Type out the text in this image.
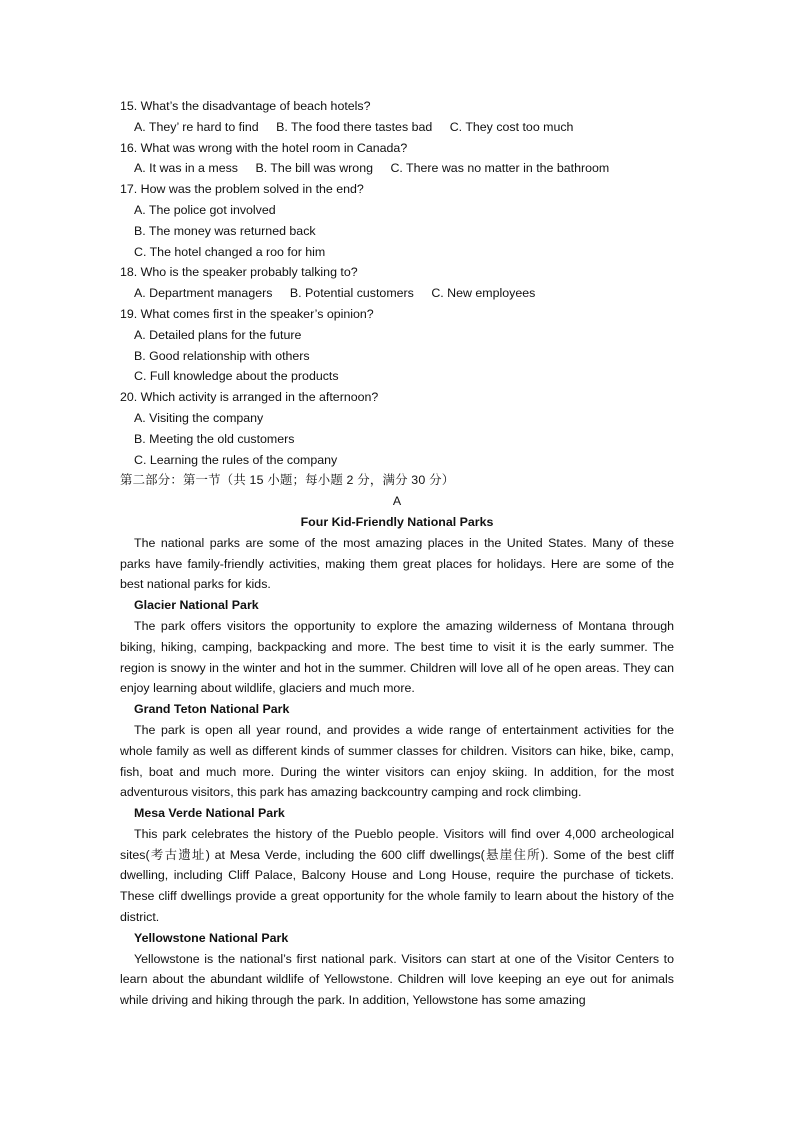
15. What’s the disadvantage of beach hotels?
A. They’ re hard to find B. The food there tastes bad C. They cost too much
16. What was wrong with the hotel room in Canada?
A. It was in a mess B. The bill was wrong C. There was no matter in the bathroom
17. How was the problem solved in the end?
A. The police got involved
B. The money was returned back
C. The hotel changed a roo for him
18. Who is the speaker probably talking to?
A. Department managers B. Potential customers C. New employees
19. What comes first in the speaker’s opinion?
A. Detailed plans for the future
B. Good relationship with others
C. Full knowledge about the products
20. Which activity is arranged in the afternoon?
A. Visiting the company
B. Meeting the old customers
C. Learning the rules of the company
第二部分：第一节（共 15 小题；每小题 2 分，满分 30 分）
A
Four Kid-Friendly National Parks
The national parks are some of the most amazing places in the United States. Many of these parks have family-friendly activities, making them great places for holidays. Here are some of the best national parks for kids.
Glacier National Park
The park offers visitors the opportunity to explore the amazing wilderness of Montana through biking, hiking, camping, backpacking and more. The best time to visit it is the early summer. The region is snowy in the winter and hot in the summer. Children will love all of he open areas. They can enjoy learning about wildlife, glaciers and much more.
Grand Teton National Park
The park is open all year round, and provides a wide range of entertainment activities for the whole family as well as different kinds of summer classes for children. Visitors can hike, bike, camp, fish, boat and much more. During the winter visitors can enjoy skiing. In addition, for the most adventurous visitors, this park has amazing backcountry camping and rock climbing.
Mesa Verde National Park
This park celebrates the history of the Pueblo people. Visitors will find over 4,000 archeological sites(考古遗址) at Mesa Verde, including the 600 cliff dwellings(悬崖住所). Some of the best cliff dwelling, including Cliff Palace, Balcony House and Long House, require the purchase of tickets. These cliff dwellings provide a great opportunity for the whole family to learn about the history of the district.
Yellowstone National Park
Yellowstone is the national’s first national park. Visitors can start at one of the Visitor Centers to learn about the abundant wildlife of Yellowstone. Children will love keeping an eye out for animals while driving and hiking through the park. In addition, Yellowstone has some amazing
